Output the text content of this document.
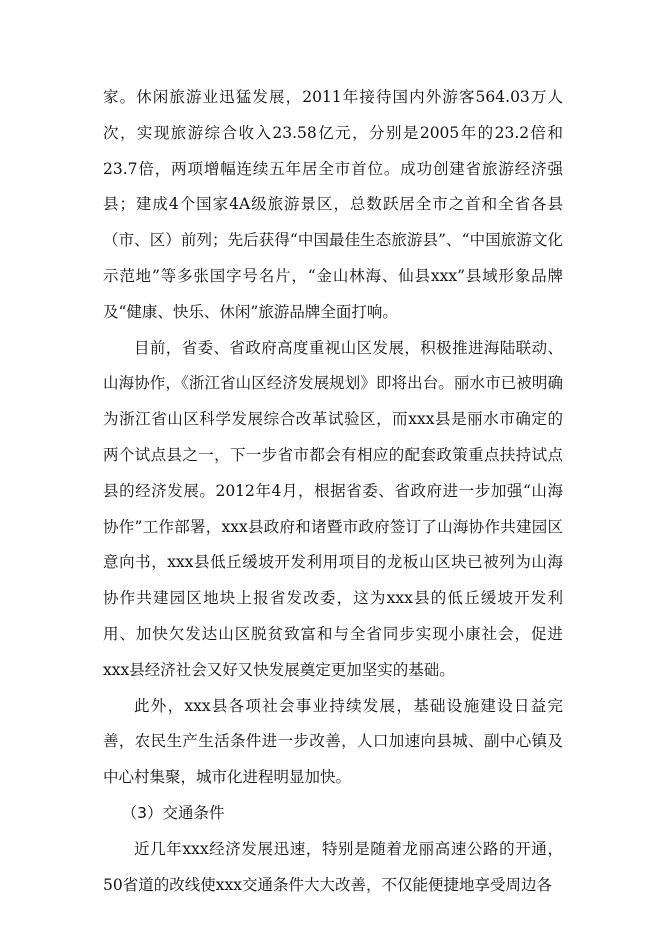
家。休闲旅游业迅猛发展，2011年接待国内外游客564.03万人次，实现旅游综合收入23.58亿元，分别是2005年的23.2倍和23.7倍，两项增幅连续五年居全市首位。成功创建省旅游经济强县；建成4个国家4A级旅游景区，总数跃居全市之首和全省各县（市、区）前列；先后获得“中国最佳生态旅游县”、“中国旅游文化示范地”等多张国字号名片，“金山林海、仙县xxx”县域形象品牌及“健康、快乐、休闲”旅游品牌全面打响。

目前，省委、省政府高度重视山区发展，积极推进海陆联动、山海协作，《浙江省山区经济发展规划》即将出台。丽水市已被明确为浙江省山区科学发展综合改革试验区，而xxx县是丽水市确定的两个试点县之一，下一步省市都会有相应的配套政策重点扶持试点县的经济发展。2012年4月，根据省委、省政府进一步加强“山海协作”工作部署，xxx县政府和诸暨市政府签订了山海协作共建园区意向书，xxx县低丘缓坡开发利用项目的龙板山区块已被列为山海协作共建园区地块上报省发改委，这为xxx县的低丘缓坡开发利用、加快欠发达山区脱贫致富和与全省同步实现小康社会，促进xxx县经济社会又好又快发展奠定更加坚实的基础。

此外，xxx县各项社会事业持续发展，基础设施建设日益完善，农民生产生活条件进一步改善，人口加速向县城、副中心镇及中心村集聚，城市化进程明显加快。

（3）交通条件

近几年xxx经济发展迅速，特别是随着龙丽高速公路的开通，50省道的改线使xxx交通条件大大改善，不仅能便捷地享受周边各
